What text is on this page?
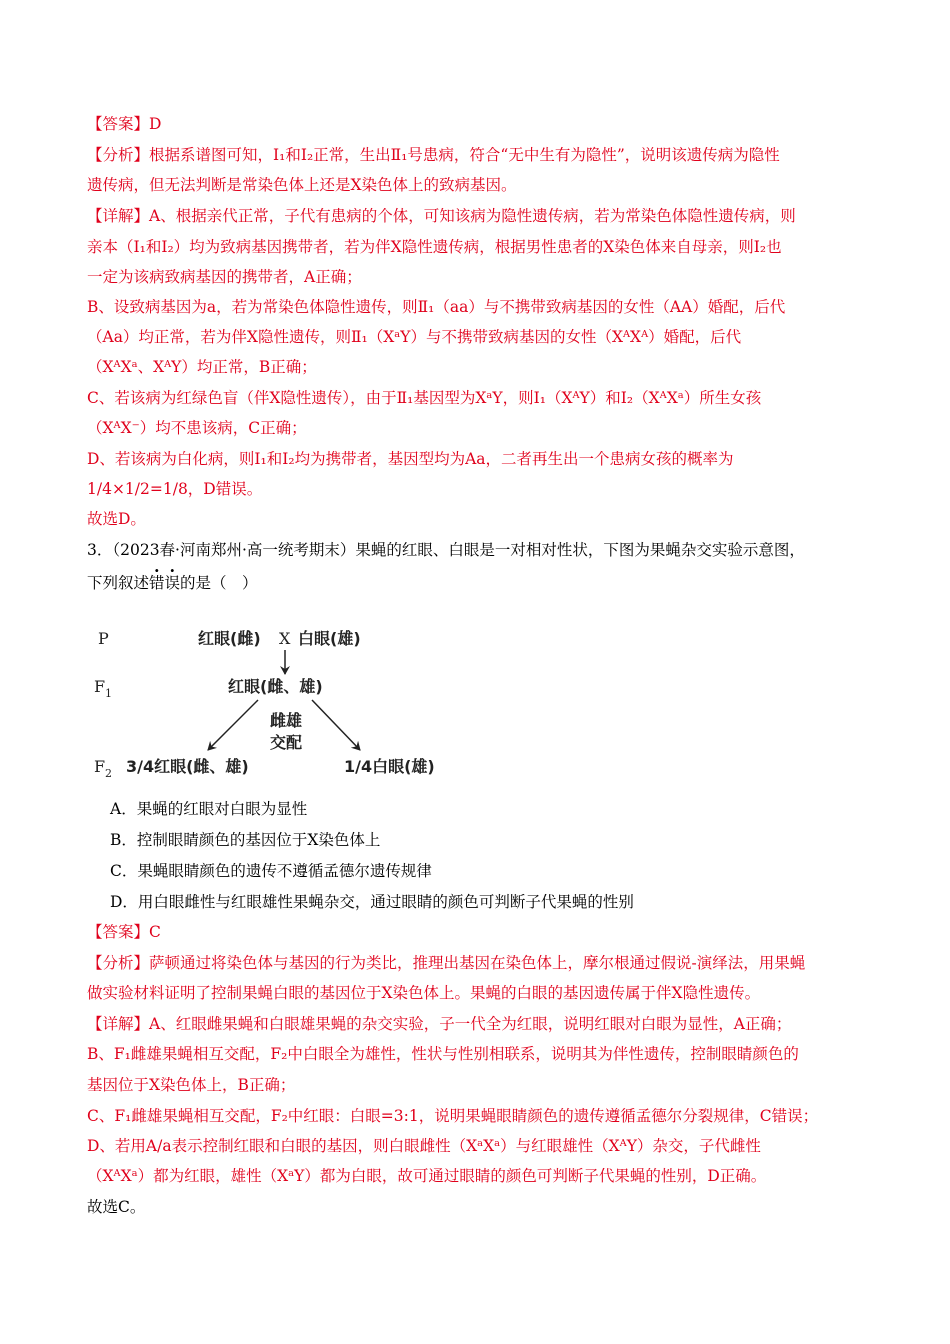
【答案】D
【分析】根据系谱图可知，I₁和I₂正常，生出Ⅱ₁号患病，符合“无中生有为隐性”，说明该遗传病为隐性
遗传病，但无法判断是常染色体上还是X染色体上的致病基因。
【详解】A、根据亲代正常，子代有患病的个体，可知该病为隐性遗传病，若为常染色体隐性遗传病，则
亲本（I₁和I₂）均为致病基因携带者，若为伴X隐性遗传病，根据男性患者的X染色体来自母亲，则I₂也
一定为该病致病基因的携带者，A正确；
B、设致病基因为a，若为常染色体隐性遗传，则Ⅱ₁（aa）与不携带致病基因的女性（AA）婚配，后代
（Aa）均正常，若为伴X隐性遗传，则Ⅱ₁（XᵃY）与不携带致病基因的女性（XᴬXᴬ）婚配，后代
（XᴬXᵃ、XᴬY）均正常，B正确；
C、若该病为红绿色盲（伴X隐性遗传），由于Ⅱ₁基因型为XᵃY，则I₁（XᴬY）和I₂（XᴬXᵃ）所生女孩
（XᴬX⁻）均不患该病，C正确；
D、若该病为白化病，则I₁和I₂均为携带者，基因型均为Aa，二者再生出一个患病女孩的概率为
1/4×1/2=1/8，D错误。
故选D。
3．（2023春·河南郑州·高一统考期末）果蝇的红眼、白眼是一对相对性状，下图为果蝇杂交实验示意图，
下列叙述错误的是（　）
P	红眼(雌) X 白眼(雄)
F 1	红眼(雌、雄)
雌雄
交配
F 2 3/4红眼(雌、雄)	1/4白眼(雄)
A．果蝇的红眼对白眼为显性
B．控制眼睛颜色的基因位于X染色体上
C．果蝇眼睛颜色的遗传不遵循孟德尔遗传规律
D．用白眼雌性与红眼雄性果蝇杂交，通过眼睛的颜色可判断子代果蝇的性别
【答案】C
【分析】萨顿通过将染色体与基因的行为类比，推理出基因在染色体上，摩尔根通过假说-演绎法，用果蝇
做实验材料证明了控制果蝇白眼的基因位于X染色体上。果蝇的白眼的基因遗传属于伴X隐性遗传。
【详解】A、红眼雌果蝇和白眼雄果蝇的杂交实验，子一代全为红眼，说明红眼对白眼为显性，A正确；
B、F₁雌雄果蝇相互交配，F₂中白眼全为雄性，性状与性别相联系，说明其为伴性遗传，控制眼睛颜色的
基因位于X染色体上，B正确；
C、F₁雌雄果蝇相互交配，F₂中红眼：白眼=3:1，说明果蝇眼睛颜色的遗传遵循孟德尔分裂规律，C错误；
D、若用A/a表示控制红眼和白眼的基因，则白眼雌性（XᵃXᵃ）与红眼雄性（XᴬY）杂交，子代雌性
（XᴬXᵃ）都为红眼，雄性（XᵃY）都为白眼，故可通过眼睛的颜色可判断子代果蝇的性别，D正确。
故选C。
